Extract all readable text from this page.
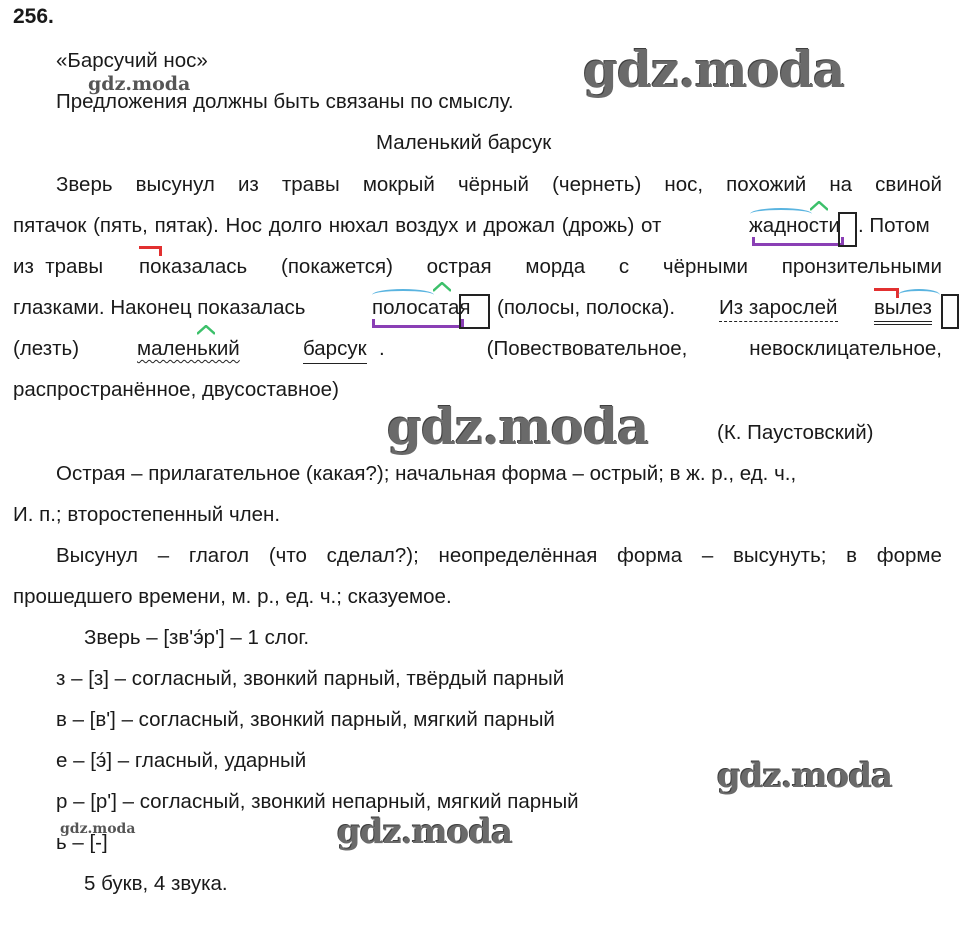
256.
«Барсучий нос»
Предложения должны быть связаны по смыслу.
Маленький барсук
Зверь высунул из травы мокрый чёрный (чернеть) нос, похожий на свиной
пятачок (пять, пятак). Нос долго нюхал воздух и дрожал (дрожь) от	жадности . Потом
из травы показалась (покажется) острая морда с чёрными пронзительными
глазками. Наконец показалась	полосатая (полосы, полоска). Из зарослей вылез
(лезть)	маленький	барсук .	(Повествовательное,	невосклицательное,
распространённое, двусоставное)
(К. Паустовский)
Острая – прилагательное (какая?); начальная форма – острый; в ж. р., ед. ч.,
И. п.; второстепенный член.
Высунул – глагол (что сделал?); неопределённая форма – высунуть; в форме
прошедшего времени, м. р., ед. ч.; сказуемое.
Зверь – [зв'э́р'] – 1 слог.
з – [з] – согласный, звонкий парный, твёрдый парный
в – [в'] – согласный, звонкий парный, мягкий парный
е – [э́] – гласный, ударный
р – [р'] – согласный, звонкий непарный, мягкий парный
ь – [-]
5 букв, 4 звука.
gdz.moda
gdz.moda
gdz.moda
gdz.moda
gdz.moda
gdz.moda
